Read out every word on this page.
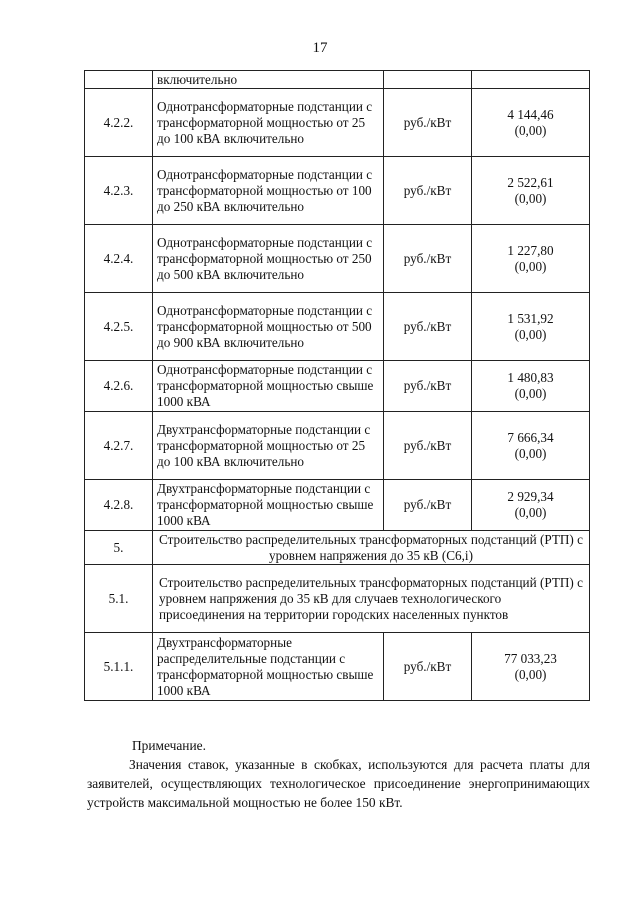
17
	включительно		

4.2.2.	Однотрансформаторные подстанции с трансформаторной мощностью от 25 до 100 кВА включительно	руб./кВт	4 144,46
(0,00)

4.2.3.	Однотрансформаторные подстанции с трансформаторной мощностью от 100 до 250 кВА включительно	руб./кВт	2 522,61
(0,00)

4.2.4.	Однотрансформаторные подстанции с трансформаторной мощностью от 250 до 500 кВА включительно	руб./кВт	1 227,80
(0,00)

4.2.5.	Однотрансформаторные подстанции с трансформаторной мощностью от 500 до 900 кВА включительно	руб./кВт	1 531,92
(0,00)

4.2.6.	Однотрансформаторные подстанции с трансформаторной мощностью свыше 1000 кВА	руб./кВт	1 480,83
(0,00)

4.2.7.	Двухтрансформаторные подстанции с трансформаторной мощностью от 25 до 100 кВА включительно	руб./кВт	7 666,34
(0,00)

4.2.8.	Двухтрансформаторные подстанции с трансформаторной мощностью свыше 1000 кВА	руб./кВт	2 929,34
(0,00)

5.	Строительство распределительных трансформаторных подстанций (РТП) с уровнем напряжения до 35 кВ (C6,i)		
5.1.	Строительство распределительных трансформаторных подстанций (РТП) с уровнем напряжения до 35 кВ для случаев технологического присоединения на территории городских населенных пунктов		
5.1.1.	Двухтрансформаторные распределительные подстанции с трансформаторной мощностью свыше 1000 кВА	руб./кВт	77 033,23
(0,00)

Примечание.

Значения ставок, указанные в скобках, используются для расчета платы для заявителей, осуществляющих технологическое присоединение энергопринимающих устройств максимальной мощностью не более 150 кВт.
